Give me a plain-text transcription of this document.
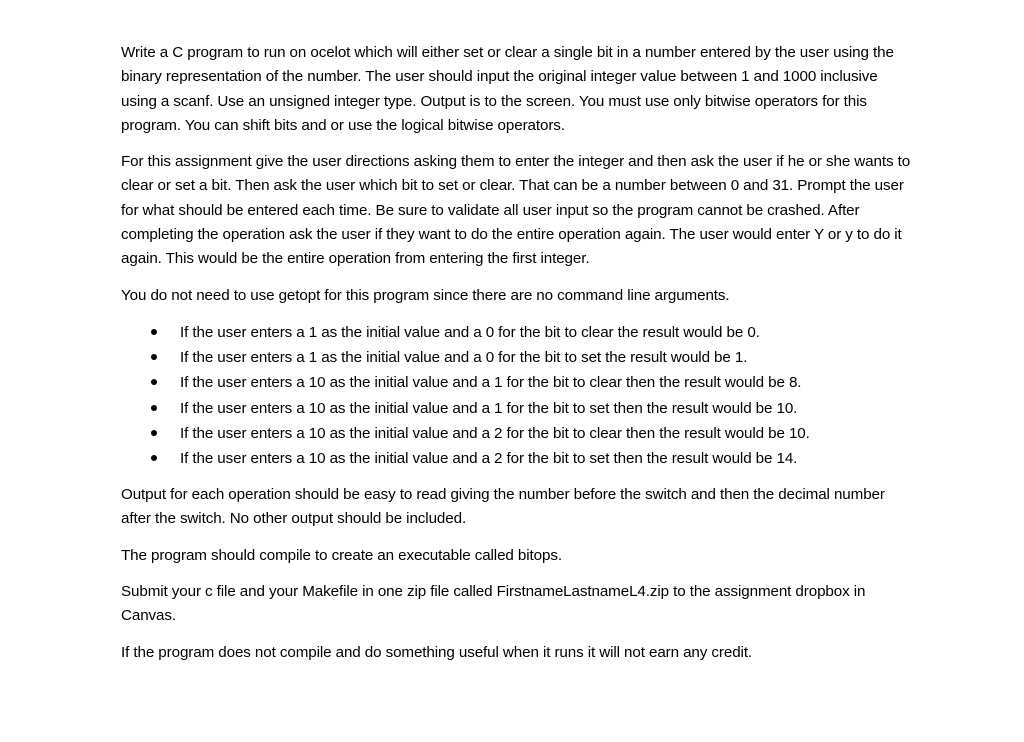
Write a C program to run on ocelot which will either set or clear a single bit in a number entered by the user using the binary representation of the number. The user should input the original integer value between 1 and 1000 inclusive using a scanf. Use an unsigned integer type. Output is to the screen. You must use only bitwise operators for this program. You can shift bits and or use the logical bitwise operators.

For this assignment give the user directions asking them to enter the integer and then ask the user if he or she wants to clear or set a bit. Then ask the user which bit to set or clear. That can be a number between 0 and 31. Prompt the user for what should be entered each time. Be sure to validate all user input so the program cannot be crashed. After completing the operation ask the user if they want to do the entire operation again. The user would enter Y or y to do it again. This would be the entire operation from entering the first integer.

You do not need to use getopt for this program since there are no command line arguments.

If the user enters a 1 as the initial value and a 0 for the bit to clear the result would be 0.
If the user enters a 1 as the initial value and a 0 for the bit to set the result would be 1.
If the user enters a 10 as the initial value and a 1 for the bit to clear then the result would be 8.
If the user enters a 10 as the initial value and a 1 for the bit to set then the result would be 10.
If the user enters a 10 as the initial value and a 2 for the bit to clear then the result would be 10.
If the user enters a 10 as the initial value and a 2 for the bit to set then the result would be 14.

Output for each operation should be easy to read giving the number before the switch and then the decimal number after the switch. No other output should be included.

The program should compile to create an executable called bitops.

Submit your c file and your Makefile in one zip file called FirstnameLastnameL4.zip to the assignment dropbox in Canvas.

If the program does not compile and do something useful when it runs it will not earn any credit.
